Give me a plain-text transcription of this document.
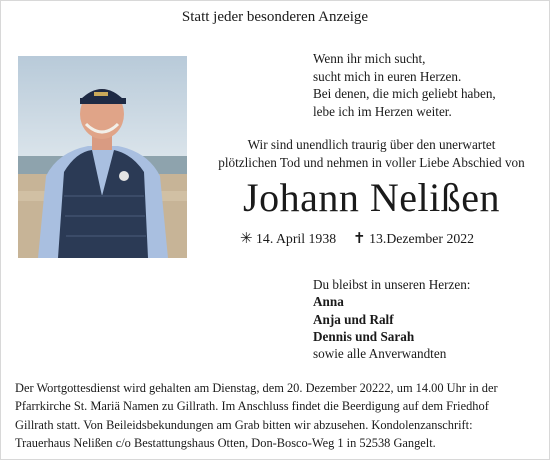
Statt jeder besonderen Anzeige
Wenn ihr mich sucht,
sucht mich in euren Herzen.
Bei denen, die mich geliebt haben,
lebe ich im Herzen weiter.
Wir sind unendlich traurig über den unerwartet
plötzlichen Tod und nehmen in voller Liebe Abschied von
Johann Nelißen
✳ 14. April 1938 ✝ 13.Dezember 2022
Du bleibst in unseren Herzen:
Anna
Anja und Ralf
Dennis und Sarah
sowie alle Anverwandten
Der Wortgottesdienst wird gehalten am Dienstag, dem 20. Dezember 20222, um 14.00 Uhr in der
Pfarrkirche St. Mariä Namen zu Gillrath. Im Anschluss findet die Beerdigung auf dem Friedhof
Gillrath statt. Von Beileidsbekundungen am Grab bitten wir abzusehen. Kondolenzanschrift:
Trauerhaus Nelißen c/o Bestattungshaus Otten, Don-Bosco-Weg 1 in 52538 Gangelt.
